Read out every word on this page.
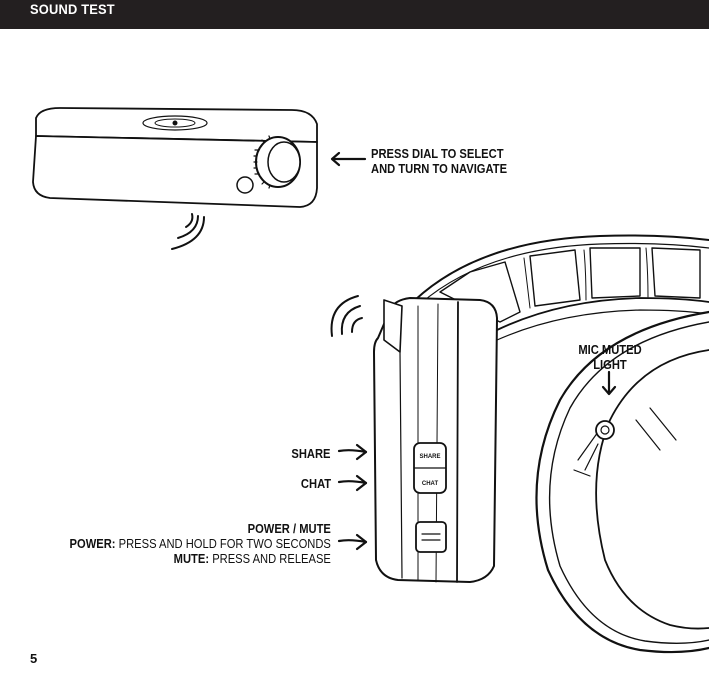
SOUND TEST
SHARE
CHAT
PRESS DIAL TO SELECT
AND TURN TO NAVIGATE
MIC MUTED
LIGHT
SHARE
CHAT
POWER / MUTE
POWER: PRESS AND HOLD FOR TWO SECONDS
MUTE: PRESS AND RELEASE
5
